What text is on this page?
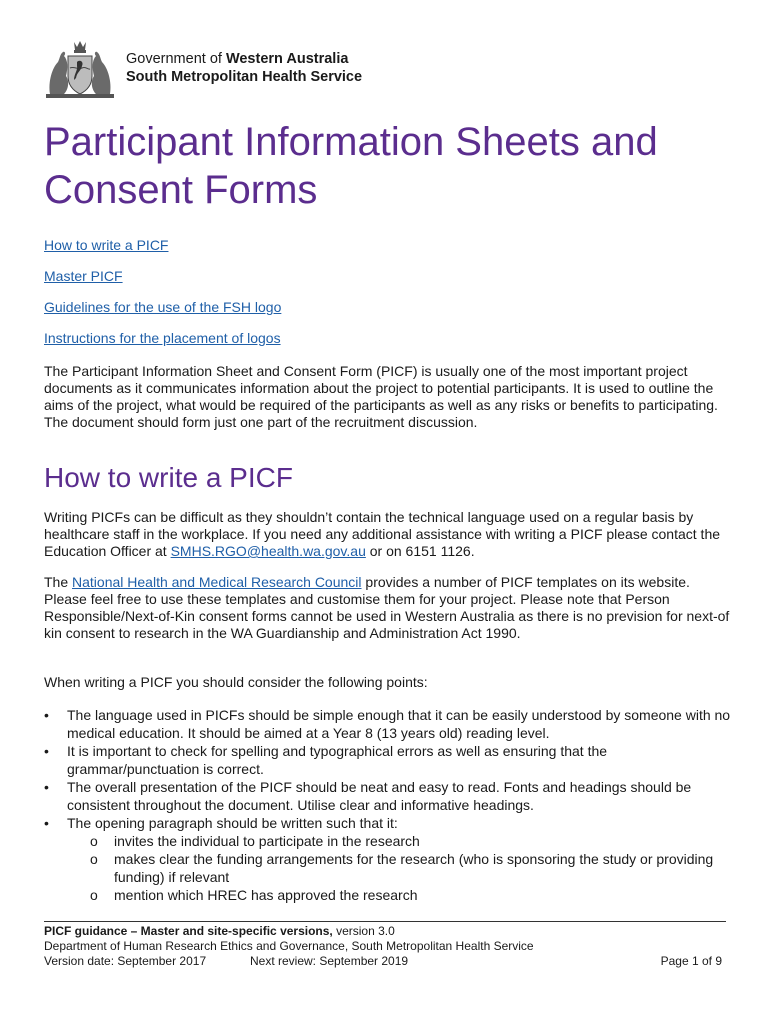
Government of Western Australia
South Metropolitan Health Service
Participant Information Sheets and Consent Forms
How to write a PICF
Master PICF
Guidelines for the use of the FSH logo
Instructions for the placement of logos

The Participant Information Sheet and Consent Form (PICF) is usually one of the most important project documents as it communicates information about the project to potential participants. It is used to outline the aims of the project, what would be required of the participants as well as any risks or benefits to participating. The document should form just one part of the recruitment discussion.

How to write a PICF

Writing PICFs can be difficult as they shouldn’t contain the technical language used on a regular basis by healthcare staff in the workplace. If you need any additional assistance with writing a PICF please contact the Education Officer at SMHS.RGO@health.wa.gov.au or on 6151 1126.

The National Health and Medical Research Council provides a number of PICF templates on its website. Please feel free to use these templates and customise them for your project. Please note that Person Responsible/Next-of-Kin consent forms cannot be used in Western Australia as there is no prevision for next-of kin consent to research in the WA Guardianship and Administration Act 1990.

When writing a PICF you should consider the following points:

• The language used in PICFs should be simple enough that it can be easily understood by someone with no medical education. It should be aimed at a Year 8 (13 years old) reading level.
• It is important to check for spelling and typographical errors as well as ensuring that the grammar/punctuation is correct.
• The overall presentation of the PICF should be neat and easy to read. Fonts and headings should be consistent throughout the document. Utilise clear and informative headings.
• The opening paragraph should be written such that it:
o invites the individual to participate in the research
o makes clear the funding arrangements for the research (who is sponsoring the study or providing funding) if relevant
o mention which HREC has approved the research
PICF guidance – Master and site-specific versions, version 3.0
Department of Human Research Ethics and Governance, South Metropolitan Health Service
Version date: September 2017	Next review: September 2019	Page 1 of 9
